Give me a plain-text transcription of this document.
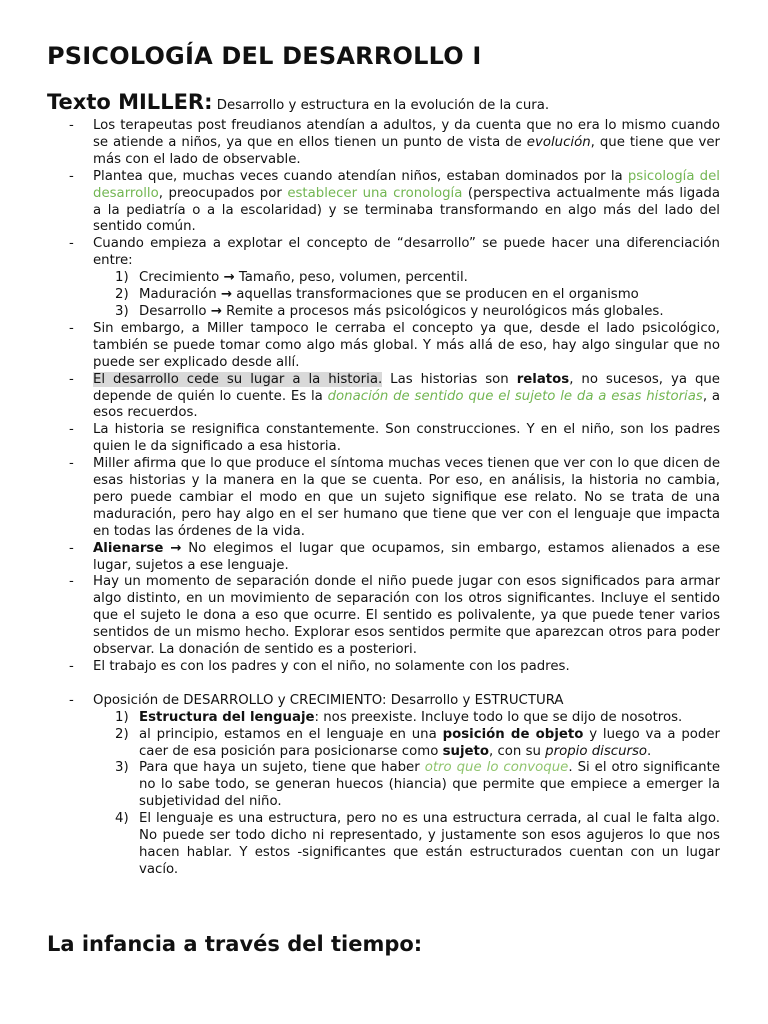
PSICOLOGÍA DEL DESARROLLO I
Texto MILLER: Desarrollo y estructura en la evolución de la cura.
- Los terapeutas post freudianos atendían a adultos, y da cuenta que no era lo mismo cuando se atiende a niños, ya que en ellos tienen un punto de vista de evolución, que tiene que ver más con el lado de observable.
- Plantea que, muchas veces cuando atendían niños, estaban dominados por la psicología del desarrollo, preocupados por establecer una cronología (perspectiva actualmente más ligada a la pediatría o a la escolaridad) y se terminaba transformando en algo más del lado del sentido común.
- Cuando empieza a explotar el concepto de “desarrollo” se puede hacer una diferenciación entre:
1) Crecimiento → Tamaño, peso, volumen, percentil.
2) Maduración → aquellas transformaciones que se producen en el organismo
3) Desarrollo → Remite a procesos más psicológicos y neurológicos más globales.
- Sin embargo, a Miller tampoco le cerraba el concepto ya que, desde el lado psicológico, también se puede tomar como algo más global. Y más allá de eso, hay algo singular que no puede ser explicado desde allí.
- El desarrollo cede su lugar a la historia. Las historias son relatos, no sucesos, ya que depende de quién lo cuente. Es la donación de sentido que el sujeto le da a esas historias, a esos recuerdos.
- La historia se resignifica constantemente. Son construcciones. Y en el niño, son los padres quien le da significado a esa historia.
- Miller afirma que lo que produce el síntoma muchas veces tienen que ver con lo que dicen de esas historias y la manera en la que se cuenta. Por eso, en análisis, la historia no cambia, pero puede cambiar el modo en que un sujeto signifique ese relato. No se trata de una maduración, pero hay algo en el ser humano que tiene que ver con el lenguaje que impacta en todas las órdenes de la vida.
- Alienarse → No elegimos el lugar que ocupamos, sin embargo, estamos alienados a ese lugar, sujetos a ese lenguaje.
- Hay un momento de separación donde el niño puede jugar con esos significados para armar algo distinto, en un movimiento de separación con los otros significantes. Incluye el sentido que el sujeto le dona a eso que ocurre. El sentido es polivalente, ya que puede tener varios sentidos de un mismo hecho. Explorar esos sentidos permite que aparezcan otros para poder observar. La donación de sentido es a posteriori.
- El trabajo es con los padres y con el niño, no solamente con los padres.
- Oposición de DESARROLLO y CRECIMIENTO: Desarrollo y ESTRUCTURA
1) Estructura del lenguaje: nos preexiste. Incluye todo lo que se dijo de nosotros.
2) al principio, estamos en el lenguaje en una posición de objeto y luego va a poder caer de esa posición para posicionarse como sujeto, con su propio discurso.
3) Para que haya un sujeto, tiene que haber otro que lo convoque. Si el otro significante no lo sabe todo, se generan huecos (hiancia) que permite que empiece a emerger la subjetividad del niño.
4) El lenguaje es una estructura, pero no es una estructura cerrada, al cual le falta algo. No puede ser todo dicho ni representado, y justamente son esos agujeros lo que nos hacen hablar. Y estos -significantes que están estructurados cuentan con un lugar vacío.
La infancia a través del tiempo:
